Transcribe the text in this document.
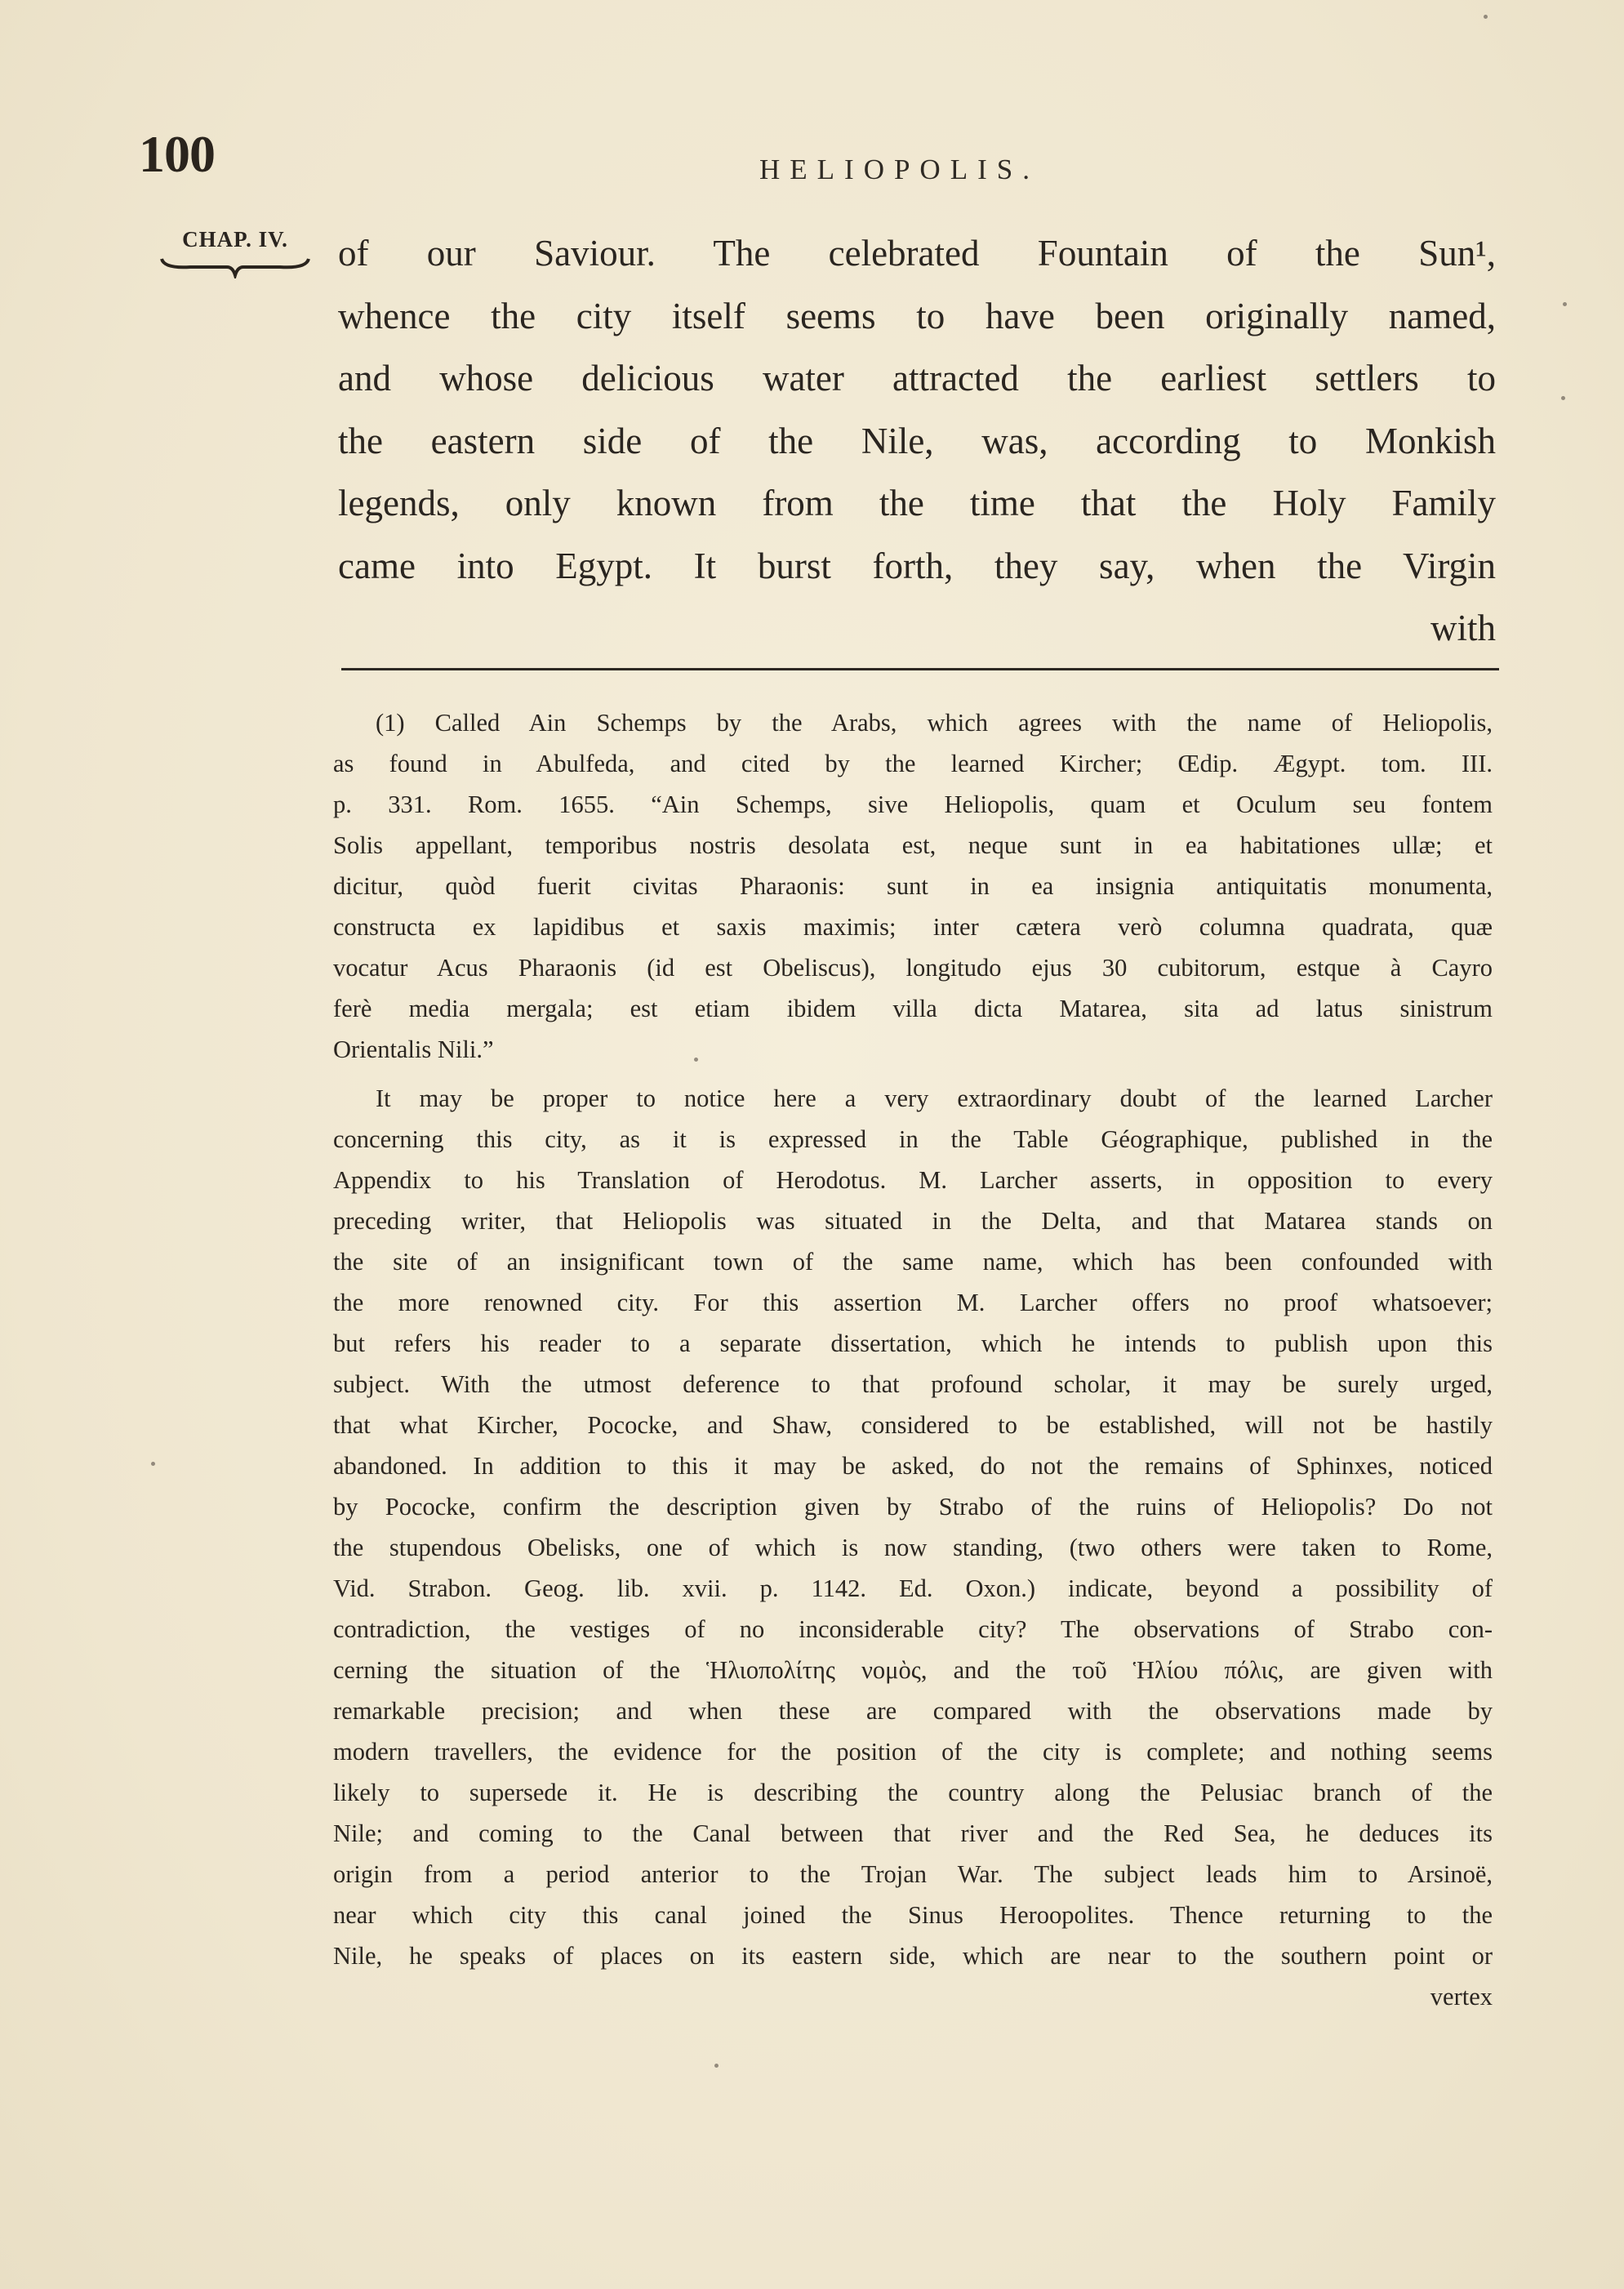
100	HELIOPOLIS.
CHAP. IV.	of our Saviour. The celebrated Fountain of the Sun¹,
whence the city itself seems to have been originally named,
and whose delicious water attracted the earliest settlers to
the eastern side of the Nile, was, according to Monkish
legends, only known from the time that the Holy Family
came into Egypt. It burst forth, they say, when the Virgin
with
(1) Called Ain Schemps by the Arabs, which agrees with the name of Heliopolis,
as found in Abulfeda, and cited by the learned Kircher; Œdip. Ægypt. tom. III.
p. 331. Rom. 1655. “Ain Schemps, sive Heliopolis, quam et Oculum seu fontem
Solis appellant, temporibus nostris desolata est, neque sunt in ea habitationes ullæ; et
dicitur, quòd fuerit civitas Pharaonis: sunt in ea insignia antiquitatis monumenta,
constructa ex lapidibus et saxis maximis; inter cætera verò columna quadrata, quæ
vocatur Acus Pharaonis (id est Obeliscus), longitudo ejus 30 cubitorum, estque à Cayro
ferè media mergala; est etiam ibidem villa dicta Matarea, sita ad latus sinistrum
Orientalis Nili.”
It may be proper to notice here a very extraordinary doubt of the learned Larcher
concerning this city, as it is expressed in the Table Géographique, published in the
Appendix to his Translation of Herodotus. M. Larcher asserts, in opposition to every
preceding writer, that Heliopolis was situated in the Delta, and that Matarea stands on
the site of an insignificant town of the same name, which has been confounded with
the more renowned city. For this assertion M. Larcher offers no proof whatsoever;
but refers his reader to a separate dissertation, which he intends to publish upon this
subject. With the utmost deference to that profound scholar, it may be surely urged,
that what Kircher, Pococke, and Shaw, considered to be established, will not be hastily
abandoned. In addition to this it may be asked, do not the remains of Sphinxes, noticed
by Pococke, confirm the description given by Strabo of the ruins of Heliopolis? Do not
the stupendous Obelisks, one of which is now standing, (two others were taken to Rome,
Vid. Strabon. Geog. lib. xvii. p. 1142. Ed. Oxon.) indicate, beyond a possibility of
contradiction, the vestiges of no inconsiderable city? The observations of Strabo con-
cerning the situation of the Ἡλιοπολίτης νομὸς, and the τοῦ Ἡλίου πόλις, are given with
remarkable precision; and when these are compared with the observations made by
modern travellers, the evidence for the position of the city is complete; and nothing seems
likely to supersede it. He is describing the country along the Pelusiac branch of the
Nile; and coming to the Canal between that river and the Red Sea, he deduces its
origin from a period anterior to the Trojan War. The subject leads him to Arsinoë,
near which city this canal joined the Sinus Heroopolites. Thence returning to the
Nile, he speaks of places on its eastern side, which are near to the southern point or
vertex
